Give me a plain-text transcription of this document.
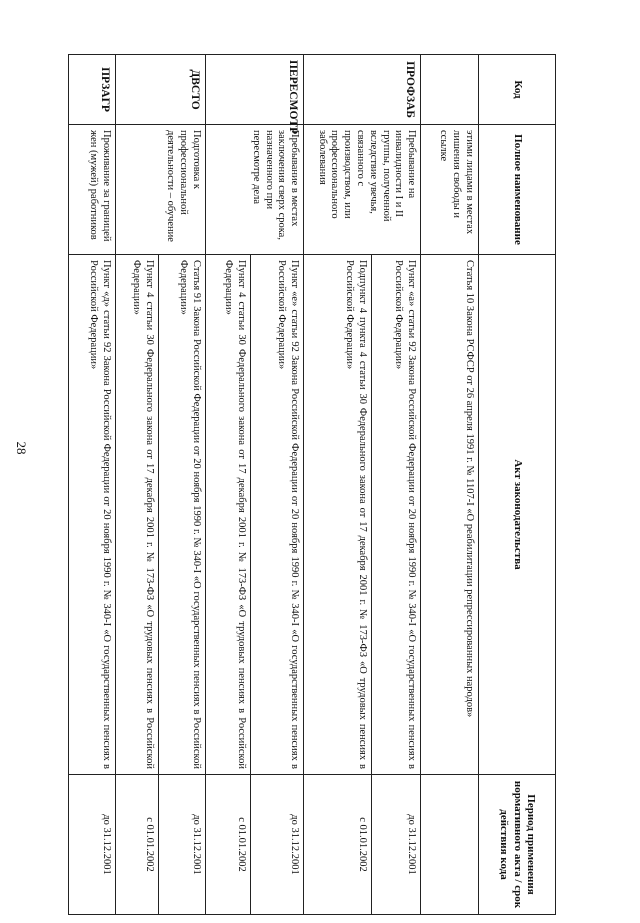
28
Код	Полное наименование	Акт законодательства	Период применения нормативного акта / срок действия кода
	этими лицами в местах лишения свободы и ссылке	Статья 10 Закона РСФСР от 26 апреля 1991 г. № 1107-I «О реабилитации репрессированных народов»	
ПРОФЗАБ	Пребывание на инвалидности I и II группы, полученной вследствие увечья, связанного с производством, или профессионального заболевания	Пункт «а» статьи 92 Закона Российской Федерации от 20 ноября 1990 г. № 340-I «О государственных пенсиях в Российской Федерации»	до 31.12.2001
		Подпункт 4 пункта 4 статьи 30 Федерального закона от 17 декабря 2001 г. № 173-ФЗ «О трудовых пенсиях в Российской Федерации»	с 01.01.2002
ПЕРЕСМОТР	Пребывание в местах заключения сверх срока, назначенного при пересмотре дела	Пункт «е» статьи 92 Закона Российской Федерации от 20 ноября 1990 г. № 340-I «О государственных пенсиях в Российской Федерации»	до 31.12.2001
		Пункт 4 статьи 30 Федерального закона от 17 декабря 2001 г. № 173-ФЗ «О трудовых пенсиях в Российской Федерации»	с 01.01.2002
ДВСТО	Подготовка к профессиональной деятельности – обучение	Статья 91 Закона Российской Федерации от 20 ноября 1990 г. № 340-I «О государственных пенсиях в Российской Федерации»	до 31.12.2001
		Пункт 4 статьи 30 Федерального закона от 17 декабря 2001 г. № 173-ФЗ «О трудовых пенсиях в Российской Федерации»	с 01.01.2002
ПРЗАГР	Проживание за границей жен (мужей) работников	Пункт «д» статьи 92 Закона Российской Федерации от 20 ноября 1990 г. № 340-I «О государственных пенсиях в Российской Федерации»	до 31.12.2001
